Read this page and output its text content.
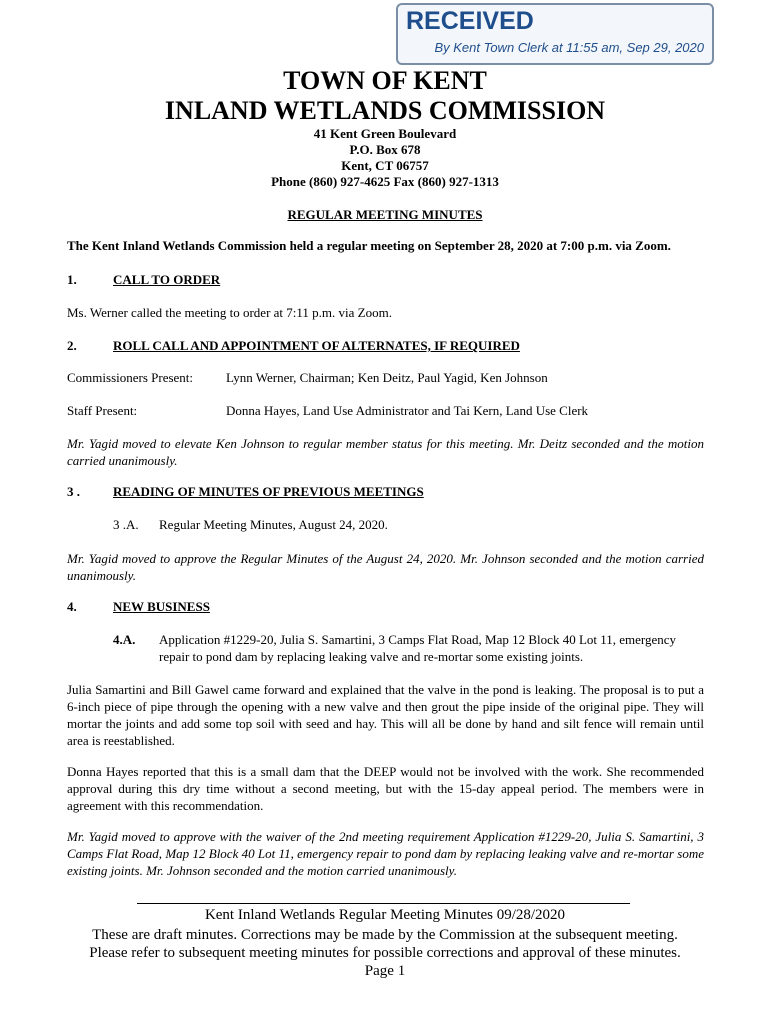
RECEIVED
By Kent Town Clerk at 11:55 am, Sep 29, 2020
TOWN OF KENT
INLAND WETLANDS COMMISSION
41 Kent Green Boulevard
P.O. Box 678
Kent, CT 06757
Phone (860) 927-4625 Fax (860) 927-1313
REGULAR MEETING MINUTES
The Kent Inland Wetlands Commission held a regular meeting on September 28, 2020 at 7:00 p.m. via Zoom.
1.	CALL TO ORDER
Ms. Werner called the meeting to order at 7:11 p.m. via Zoom.
2.	ROLL CALL AND APPOINTMENT OF ALTERNATES, IF REQUIRED
Commissioners Present:	Lynn Werner, Chairman; Ken Deitz, Paul Yagid, Ken Johnson
Staff Present:	Donna Hayes, Land Use Administrator and Tai Kern, Land Use Clerk
Mr. Yagid moved to elevate Ken Johnson to regular member status for this meeting. Mr. Deitz seconded and the motion carried unanimously.
3 .	READING OF MINUTES OF PREVIOUS MEETINGS
3 .A. Regular Meeting Minutes, August 24, 2020.
Mr. Yagid moved to approve the Regular Minutes of the August 24, 2020. Mr. Johnson seconded and the motion carried unanimously.
4.	NEW BUSINESS
4.A. Application #1229-20, Julia S. Samartini, 3 Camps Flat Road, Map 12 Block 40 Lot 11, emergency repair to pond dam by replacing leaking valve and re-mortar some existing joints.
Julia Samartini and Bill Gawel came forward and explained that the valve in the pond is leaking. The proposal is to put a 6-inch piece of pipe through the opening with a new valve and then grout the pipe inside of the original pipe. They will mortar the joints and add some top soil with seed and hay. This will all be done by hand and silt fence will remain until area is reestablished.
Donna Hayes reported that this is a small dam that the DEEP would not be involved with the work. She recommended approval during this dry time without a second meeting, but with the 15-day appeal period. The members were in agreement with this recommendation.
Mr. Yagid moved to approve with the waiver of the 2nd meeting requirement Application #1229-20, Julia S. Samartini, 3 Camps Flat Road, Map 12 Block 40 Lot 11, emergency repair to pond dam by replacing leaking valve and re-mortar some existing joints. Mr. Johnson seconded and the motion carried unanimously.
Kent Inland Wetlands Regular Meeting Minutes 09/28/2020
These are draft minutes. Corrections may be made by the Commission at the subsequent meeting.
Please refer to subsequent meeting minutes for possible corrections and approval of these minutes.
Page 1
